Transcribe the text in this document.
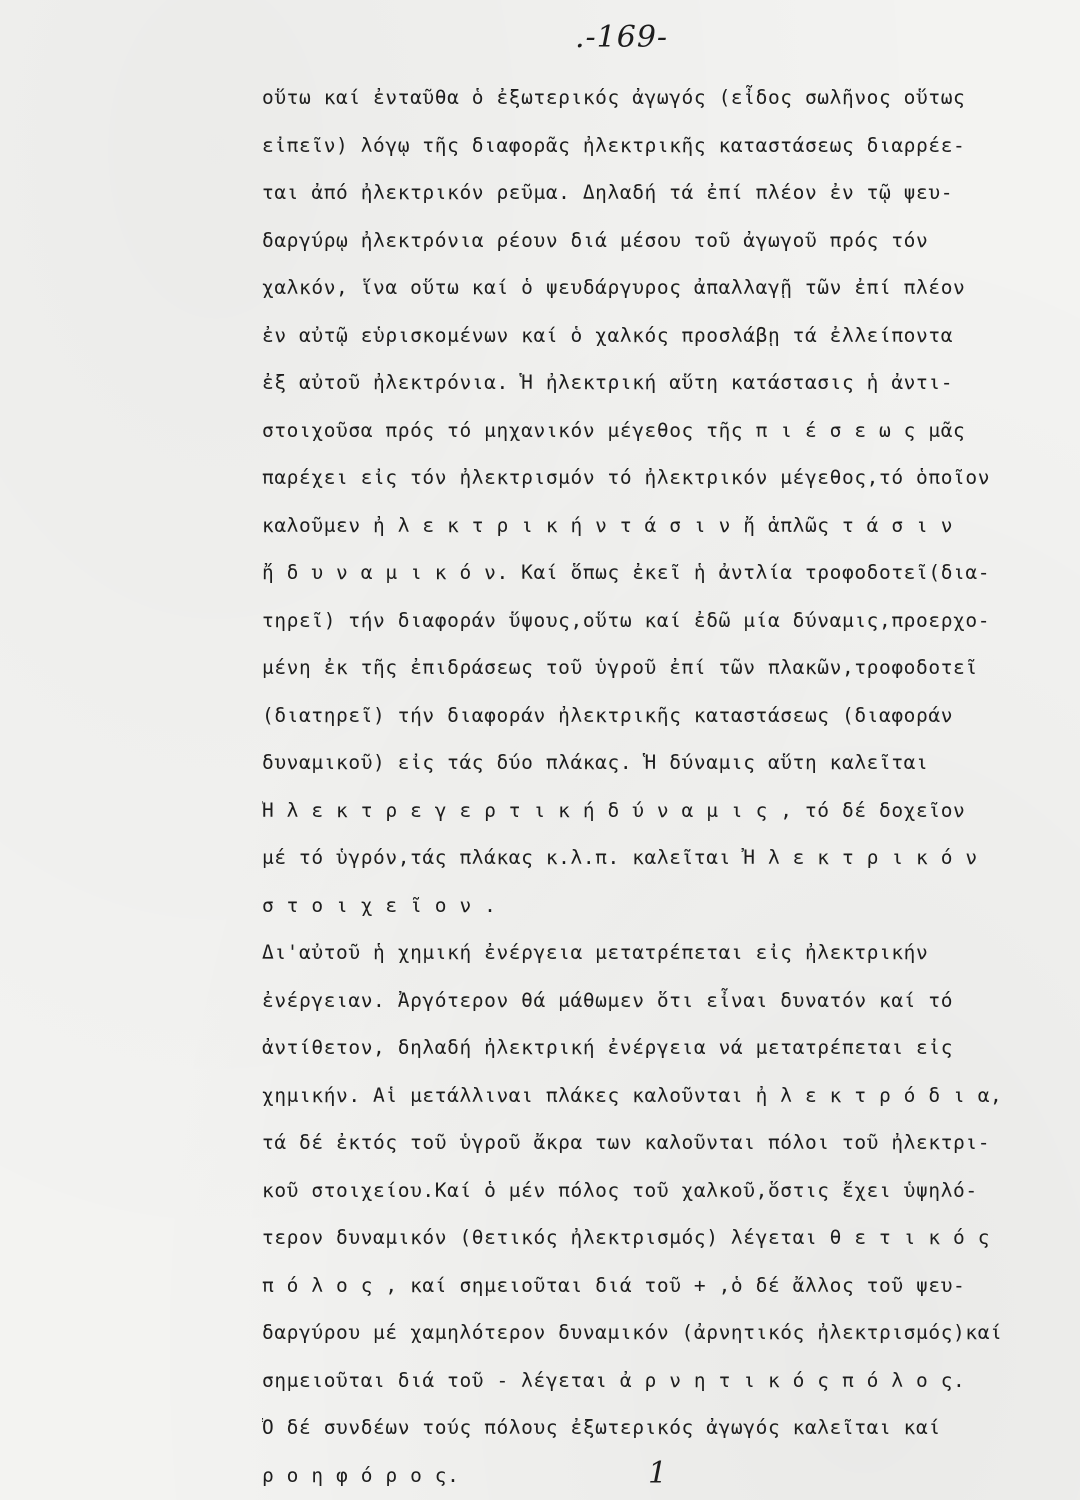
.-169-
οὕτω καί ἐνταῦθα ὁ ἐξωτερικός ἀγωγός (εἶδος σωλῆνος οὕτως
εἰπεῖν) λόγῳ τῆς διαφορᾶς ἠλεκτρικῆς καταστάσεως διαρρέε-
ται ἀπό ἠλεκτρικόν ρεῦμα. Δηλαδή τά ἐπί πλέον ἐν τῷ ψευ-
δαργύρῳ ἠλεκτρόνια ρέουν διά μέσου τοῦ ἀγωγοῦ πρός τόν
χαλκόν, ἵνα οὕτω καί ὁ ψευδάργυρος ἀπαλλαγῇ τῶν ἐπί πλέον
ἐν αὐτῷ εὑρισκομένων καί ὁ χαλκός προσλάβῃ τά ἐλλείποντα
ἐξ αὐτοῦ ἠλεκτρόνια. Ἡ ἠλεκτρική αὕτη κατάστασις ἡ ἀντι-
στοιχοῦσα πρός τό μηχανικόν μέγεθος τῆς π ι έ σ ε ω ς μᾶς
παρέχει εἰς τόν ἠλεκτρισμόν τό ἠλεκτρικόν μέγεθος,τό ὁποῖον
καλοῦμεν ἠ λ ε κ τ ρ ι κ ή ν τ ά σ ι ν ἤ ἁπλῶς τ ά σ ι ν
ἤ δ υ ν α μ ι κ ό ν. Καί ὅπως ἐκεῖ ἡ ἀντλία τροφοδοτεῖ(δια-
τηρεῖ) τήν διαφοράν ὕψους,οὕτω καί ἐδῶ μία δύναμις,προερχο-
μένη ἐκ τῆς ἐπιδράσεως τοῦ ὑγροῦ ἐπί τῶν πλακῶν,τροφοδοτεῖ
(διατηρεῖ) τήν διαφοράν ἠλεκτρικῆς καταστάσεως (διαφοράν
δυναμικοῦ) εἰς τάς δύο πλάκας. Ἡ δύναμις αὕτη καλεῖται
Ἠ λ ε κ τ ρ ε γ ε ρ τ ι κ ή δ ύ ν α μ ι ς , τό δέ δοχεῖον
μέ τό ὑγρόν,τάς πλάκας κ.λ.π. καλεῖται Ἠ λ ε κ τ ρ ι κ ό ν
σ τ ο ι χ ε ῖ ο ν .
Δι'αὐτοῦ ἡ χημική ἐνέργεια μετατρέπεται εἰς ἠλεκτρικήν
ἐνέργειαν. Ἀργότερον θά μάθωμεν ὅτι εἶναι δυνατόν καί τό
ἀντίθετον, δηλαδή ἠλεκτρική ἐνέργεια νά μετατρέπεται εἰς
χημικήν. Αἱ μετάλλιναι πλάκες καλοῦνται ἠ λ ε κ τ ρ ό δ ι α,
τά δέ ἐκτός τοῦ ὑγροῦ ἄκρα των καλοῦνται πόλοι τοῦ ἠλεκτρι-
κοῦ στοιχείου.Καί ὁ μέν πόλος τοῦ χαλκοῦ,ὅστις ἔχει ὑψηλό-
τερον δυναμικόν (θετικός ἠλεκτρισμός) λέγεται θ ε τ ι κ ό ς
π ό λ ο ς , καί σημειοῦται διά τοῦ + ,ὁ δέ ἄλλος τοῦ ψευ-
δαργύρου μέ χαμηλότερον δυναμικόν (ἀρνητικός ἠλεκτρισμός)καί
σημειοῦται διά τοῦ - λέγεται ἀ ρ ν η τ ι κ ό ς π ό λ ο ς.
Ὁ δέ συνδέων τούς πόλους ἐξωτερικός ἀγωγός καλεῖται καί
ρ ο η φ ό ρ ο ς.	1
